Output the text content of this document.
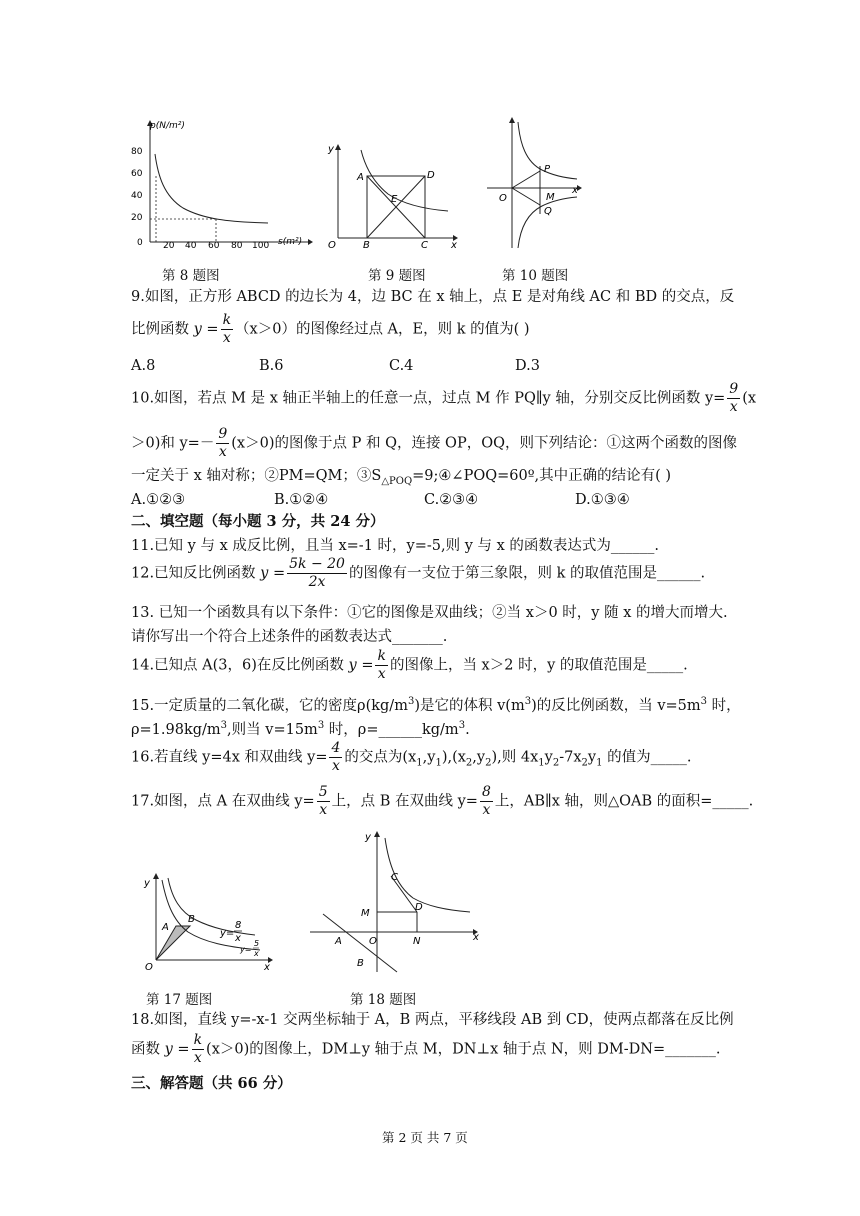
p(N/m²)
s(m²)
80
60
40
20
0 20 40 60 80 100
y
x
O
A
B	C
D
E
x
O
P
M
Q
第 8 题图	第 9 题图	第 10 题图
9.如图，正方形 ABCD 的边长为 4，边 BC 在 x 轴上，点 E 是对角线 AC 和 BD 的交点，反
比例函数 $y = \frac{k}{x} (x>0)$的图像经过点 A，E，则 k 的值为( )
A.8	B.6	C.4	D.3
10.如图，若点 M 是 x 轴正半轴上的任意一点，过点 M 作 PQ∥y 轴，分别交反比例函数 $y= \frac{9}{x} (x$
＞0)和 $y=- \frac{9}{x} (x>0)$的图像于点 P 和 Q，连接 OP，OQ，则下列结论：①这两个函数的图像
一定关于 x 轴对称；②PM=QM；$③S_{\triangle POQ}=9;④\angle POQ=60º$,其中正确的结论有( )
A.①②③	B.①②④	C.②③④	D.①③④
二、填空题（每小题 3 分，共 24 分）
11.已知 y 与 x 成反比例，且当 x=-1 时，y=-5,则 y 与 x 的函数表达式为______.
12.已知反比例函数 $y = \frac{5k - 20}{2x}$ 的图像有一支位于第三象限，则 k 的取值范围是______.
13. 已知一个函数具有以下条件：①它的图像是双曲线；②当 x＞0 时，y 随 x 的增大而增大.
请你写出一个符合上述条件的函数表达式_______.
14.已知点 A(3，6)在反比例函数 $y = \frac{k}{x}$ 的图像上，当 x＞2 时，y 的取值范围是_____.
15.一定质量的二氧化碳，它的密度$\rho(kg/m^3)$是它的体积 $v(m^3)$的反比例函数，当 $v=5m^3$ 时，
$\rho=1.98kg/m^3$,则当 $v=15m^3$ 时，$\rho=\_\_\_\_\_\_kg/m^3$.
16.若直线 y=4x 和双曲线 $y= \frac{4}{x}$ 的交点为$(x_1,y_1),(x_2,y_2)$,则 $4x_1y_2-7x_2y_1$ 的值为_____.
17.如图，点 A 在双曲线 $y= \frac{5}{x}$ 上，点 B 在双曲线 $y= \frac{8}{x}$ 上，AB∥x 轴，则△OAB 的面积=_____.
y
x
O
A
B
y=
8
x
y=
5
x
y
x
O
A
B
C
D
M
N
第 17 题图	第 18 题图
18.如图，直线 y=-x-1 交两坐标轴于 A，B 两点，平移线段 AB 到 CD，使两点都落在反比例
函数 $y = \frac{k}{x} (x>0)$的图像上，DM⊥y 轴于点 M，DN⊥x 轴于点 N，则 DM-DN=_______.
三、解答题（共 66 分）
第 2 页 共 7 页
